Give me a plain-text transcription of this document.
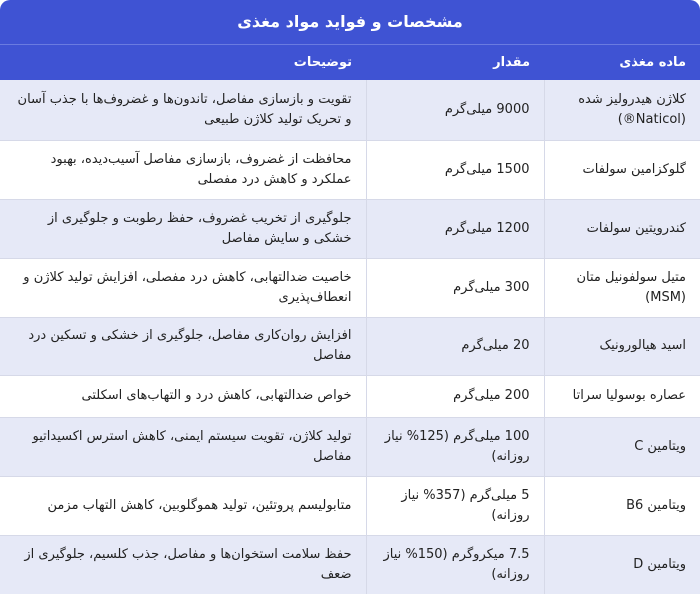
مشخصات و فواید مواد مغذی		
ماده مغذی	مقدار	توضیحات
کلاژن هیدرولیز شده (Naticol®)	9000 میلی‌گرم	تقویت و بازسازی مفاصل، تاندون‌ها و غضروف‌ها با جذب آسان و تحریک تولید کلاژن طبیعی
گلوکزامین سولفات	1500 میلی‌گرم	محافظت از غضروف، بازسازی مفاصل آسیب‌دیده، بهبود عملکرد و کاهش درد مفصلی
کندرویتین سولفات	1200 میلی‌گرم	جلوگیری از تخریب غضروف، حفظ رطوبت و جلوگیری از خشکی و سایش مفاصل
متیل سولفونیل متان (MSM)	300 میلی‌گرم	خاصیت ضدالتهابی، کاهش درد مفصلی، افزایش تولید کلاژن و انعطاف‌پذیری
اسید هیالورونیک	20 میلی‌گرم	افزایش روان‌کاری مفاصل، جلوگیری از خشکی و تسکین درد مفاصل
عصاره بوسولیا سراتا	200 میلی‌گرم	خواص ضدالتهابی، کاهش درد و التهاب‌های اسکلتی
ویتامین C	100 میلی‌گرم (125% نیاز روزانه)	تولید کلاژن، تقویت سیستم ایمنی، کاهش استرس اکسیداتیو مفاصل
ویتامین B6	5 میلی‌گرم (357% نیاز روزانه)	متابولیسم پروتئین، تولید هموگلوبین، کاهش التهاب مزمن
ویتامین D	7.5 میکروگرم (150% نیاز روزانه)	حفظ سلامت استخوان‌ها و مفاصل، جذب کلسیم، جلوگیری از ضعف
